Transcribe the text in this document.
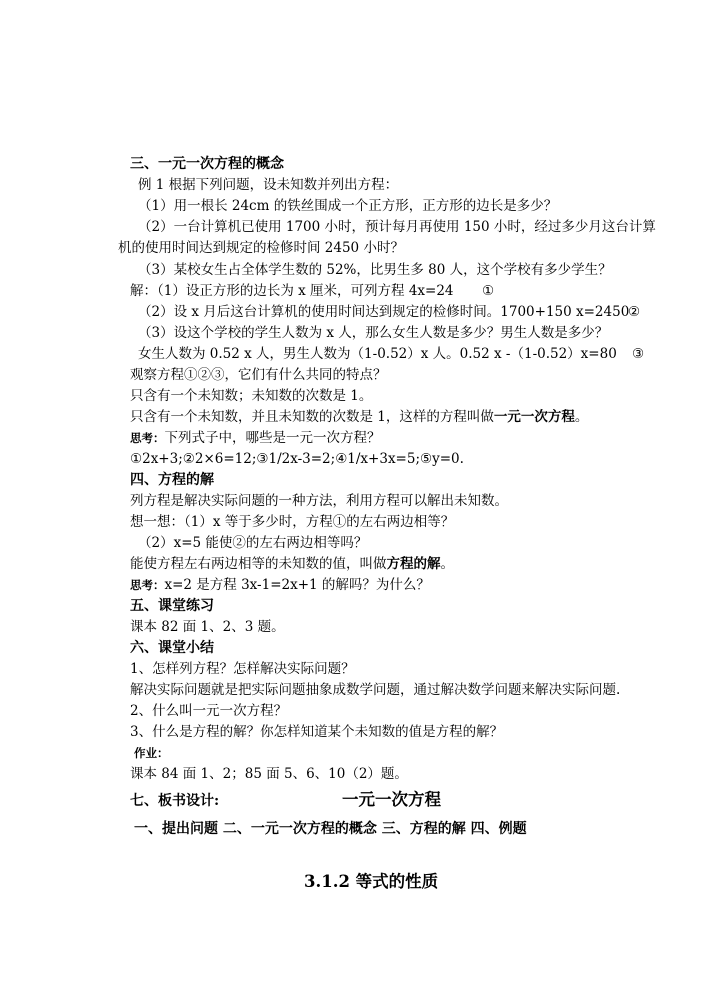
三、一元一次方程的概念
例 1 根据下列问题，设未知数并列出方程：
（1）用一根长 24cm 的铁丝围成一个正方形，正方形的边长是多少？
（2）一台计算机已使用 1700 小时，预计每月再使用 150 小时，经过多少月这台计算
机的使用时间达到规定的检修时间 2450 小时？
（3）某校女生占全体学生数的 52%，比男生多 80 人，这个学校有多少学生？
解：（1）设正方形的边长为 x 厘米，可列方程 4x=24 ①
（2）设 x 月后这台计算机的使用时间达到规定的检修时间。1700+150 x=2450
②
（3）设这个学校的学生人数为 x 人，那么女生人数是多少？男生人数是多少？
女生人数为 0.52 x 人，男生人数为（1-0.52）x 人。0.52 x -（1-0.52）x=80 ③
观察方程①②③，它们有什么共同的特点？
只含有一个未知数；未知数的次数是 1。
只含有一个未知数，并且未知数的次数是 1，这样的方程叫做一元一次方程。
思考：下列式子中，哪些是一元一次方程？
①2x+3;②2×6=12;③1/2x-3=2;④1/x+3x=5;⑤y=0.
四、方程的解
列方程是解决实际问题的一种方法，利用方程可以解出未知数。
想一想：（1）x 等于多少时，方程①的左右两边相等？
（2）x=5 能使②的左右两边相等吗？
能使方程左右两边相等的未知数的值，叫做方程的解。
思考：x=2 是方程 3x-1=2x+1 的解吗？为什么？
五、课堂练习
课本 82 面 1、2、3 题。
六、课堂小结
1、怎样列方程？怎样解决实际问题？
解决实际问题就是把实际问题抽象成数学问题，通过解决数学问题来解决实际问题.
2、什么叫一元一次方程？
3、什么是方程的解？你怎样知道某个未知数的值是方程的解？
作业：
课本 84 面 1、2；85 面 5、6、10（2）题。
七、板书设计:	一元一次方程
一、提出问题 二、一元一次方程的概念 三、方程的解 四、例题
3.1.2 等式的性质
